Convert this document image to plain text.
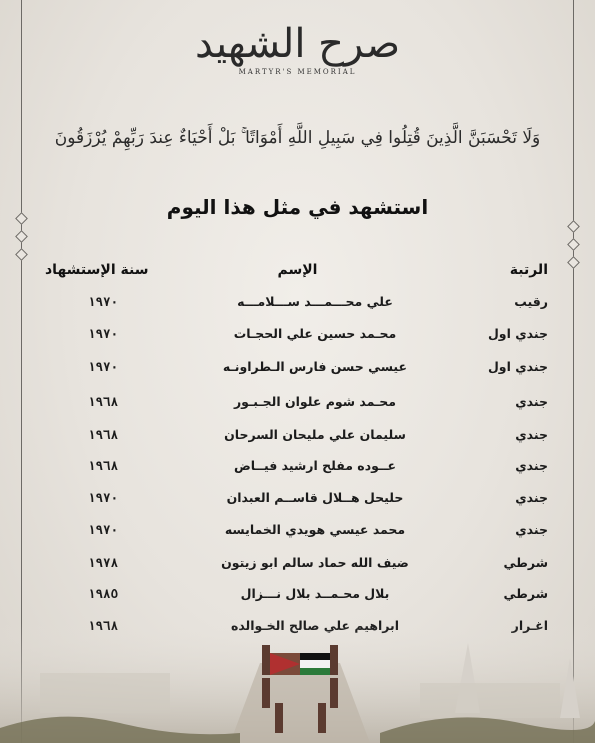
صرح الشهيد
MARTYR'S MEMORIAL
وَلَا تَحْسَبَنَّ الَّذِينَ قُتِلُوا فِي سَبِيلِ اللَّهِ أَمْوَاتًا ۚ بَلْ أَحْيَاءٌ عِندَ رَبِّهِمْ يُرْزَقُونَ
استشهد في مثل هذا اليوم
الرتبة
الإسم
سنة الإستشهاد
رقيب
علي محـــمـــد ســـلامـــه
١٩٧٠
جندي اول
محـمد حسين علي الحجـات
١٩٧٠
جندي اول
عيسي حسن فارس الـطراونـه
١٩٧٠
جندي
محـمد شوم علوان الجـبـور
١٩٦٨
جندي
سليمان علي مليحان السرحان
١٩٦٨
جندي
عــوده مفلح ارشيد فيــاض
١٩٦٨
جندي
حليحل هــلال قاســم العبدان
١٩٧٠
جندي
محمد عيسي هويدي الخمايسه
١٩٧٠
شرطي
ضيف الله حماد سالم ابو زيتون
١٩٧٨
شرطي
بلال محـمــد بلال نـــزال
١٩٨٥
